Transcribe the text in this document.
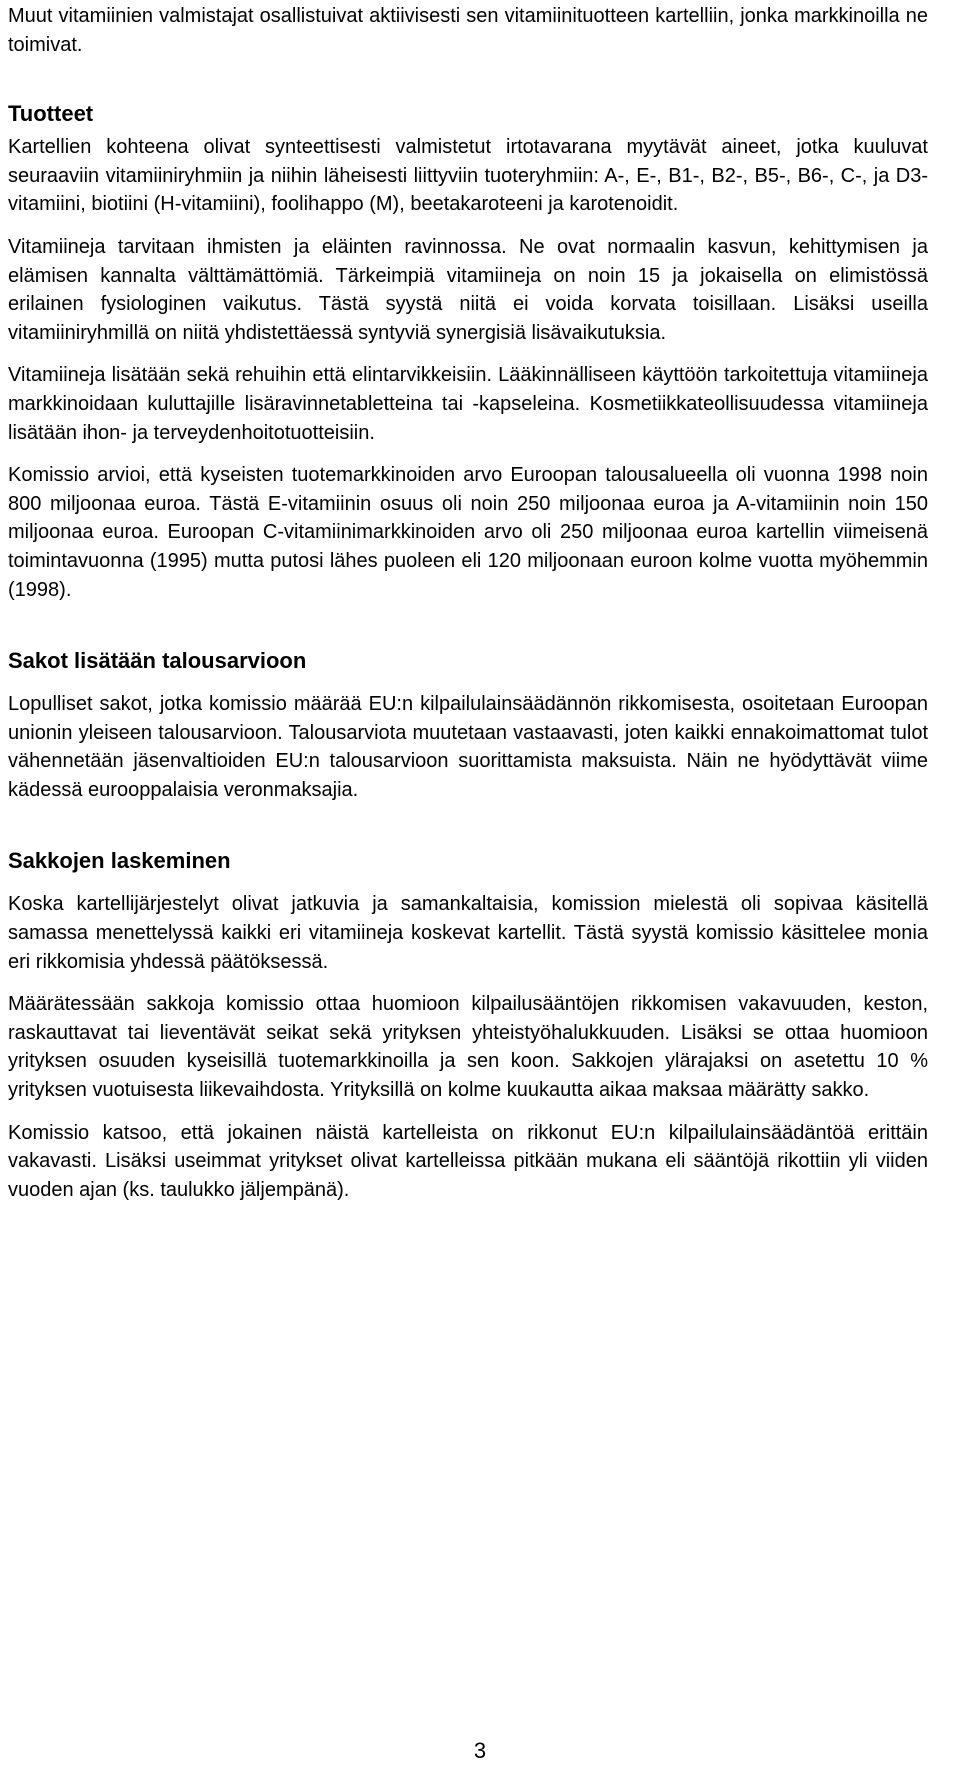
Muut vitamiinien valmistajat osallistuivat aktiivisesti sen vitamiinituotteen kartelliin, jonka markkinoilla ne toimivat.

Tuotteet

Kartellien kohteena olivat synteettisesti valmistetut irtotavarana myytävät aineet, jotka kuuluvat seuraaviin vitamiiniryhmiin ja niihin läheisesti liittyviin tuoteryhmiin: A-, E-, B1-, B2-, B5-, B6-, C-, ja D3-vitamiini, biotiini (H-vitamiini), foolihappo (M), beetakaroteeni ja karotenoidit.

Vitamiineja tarvitaan ihmisten ja eläinten ravinnossa. Ne ovat normaalin kasvun, kehittymisen ja elämisen kannalta välttämättömiä. Tärkeimpiä vitamiineja on noin 15 ja jokaisella on elimistössä erilainen fysiologinen vaikutus. Tästä syystä niitä ei voida korvata toisillaan. Lisäksi useilla vitamiiniryhmillä on niitä yhdistettäessä syntyviä synergisiä lisävaikutuksia.

Vitamiineja lisätään sekä rehuihin että elintarvikkeisiin. Lääkinnälliseen käyttöön tarkoitettuja vitamiineja markkinoidaan kuluttajille lisäravinnetabletteina tai -kapseleina. Kosmetiikkateollisuudessa vitamiineja lisätään ihon- ja terveydenhoitotuotteisiin.

Komissio arvioi, että kyseisten tuotemarkkinoiden arvo Euroopan talousalueella oli vuonna 1998 noin 800 miljoonaa euroa. Tästä E-vitamiinin osuus oli noin 250 miljoonaa euroa ja A-vitamiinin noin 150 miljoonaa euroa. Euroopan C-vitamiinimarkkinoiden arvo oli 250 miljoonaa euroa kartellin viimeisenä toimintavuonna (1995) mutta putosi lähes puoleen eli 120 miljoonaan euroon kolme vuotta myöhemmin (1998).

Sakot lisätään talousarvioon

Lopulliset sakot, jotka komissio määrää EU:n kilpailulainsäädännön rikkomisesta, osoitetaan Euroopan unionin yleiseen talousarvioon. Talousarviota muutetaan vastaavasti, joten kaikki ennakoimattomat tulot vähennetään jäsenvaltioiden EU:n talousarvioon suorittamista maksuista. Näin ne hyödyttävät viime kädessä eurooppalaisia veronmaksajia.

Sakkojen laskeminen

Koska kartellijärjestelyt olivat jatkuvia ja samankaltaisia, komission mielestä oli sopivaa käsitellä samassa menettelyssä kaikki eri vitamiineja koskevat kartellit. Tästä syystä komissio käsittelee monia eri rikkomisia yhdessä päätöksessä.

Määrätessään sakkoja komissio ottaa huomioon kilpailusääntöjen rikkomisen vakavuuden, keston, raskauttavat tai lieventävät seikat sekä yrityksen yhteistyöhalukkuuden. Lisäksi se ottaa huomioon yrityksen osuuden kyseisillä tuotemarkkinoilla ja sen koon. Sakkojen ylärajaksi on asetettu 10 % yrityksen vuotuisesta liikevaihdosta. Yrityksillä on kolme kuukautta aikaa maksaa määrätty sakko.

Komissio katsoo, että jokainen näistä kartelleista on rikkonut EU:n kilpailulainsäädäntöä erittäin vakavasti. Lisäksi useimmat yritykset olivat kartelleissa pitkään mukana eli sääntöjä rikottiin yli viiden vuoden ajan (ks. taulukko jäljempänä).

3
